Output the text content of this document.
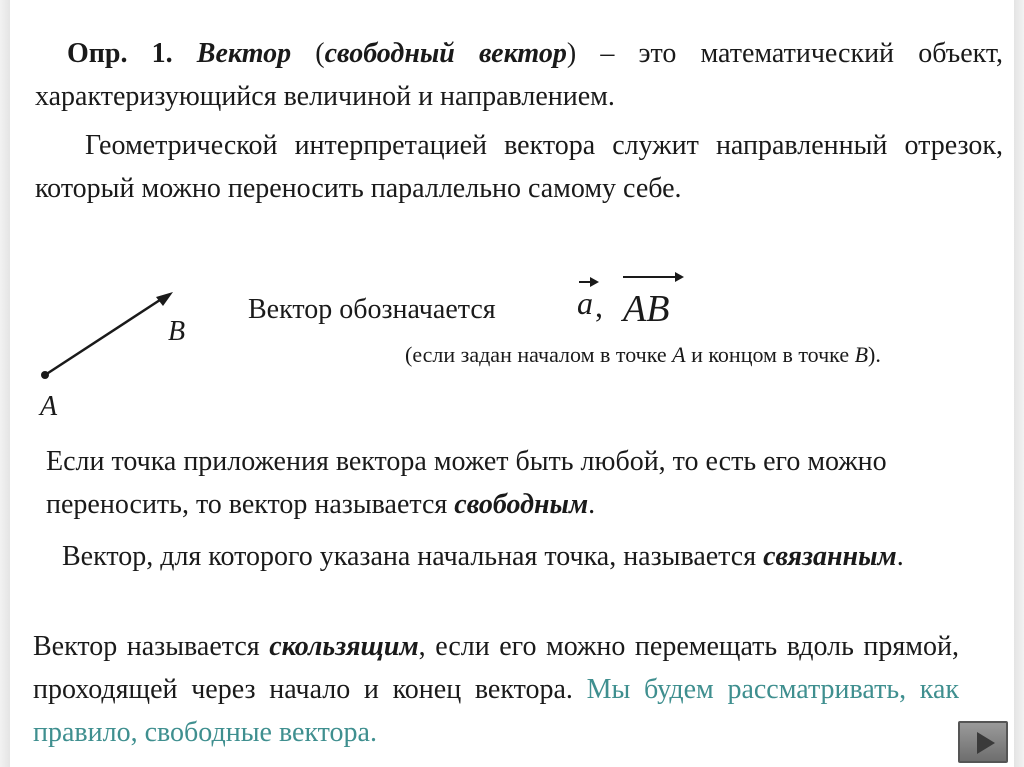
Опр. 1. Вектор (свободный вектор) – это математический объект, характеризующийся величиной и направлением.
Геометрической интерпретацией вектора служит направленный отрезок, который можно переносить параллельно самому себе.
B
A
Вектор обозначается	a , AB
(если задан началом в точке A и концом в точке B).
Если точка приложения вектора может быть любой, то есть его можно переносить, то вектор называется свободным.
Вектор, для которого указана начальная точка, называется связанным.
Вектор называется скользящим, если его можно перемещать вдоль прямой, проходящей через начало и конец вектора. Мы будем рассматривать, как правило, свободные вектора.
